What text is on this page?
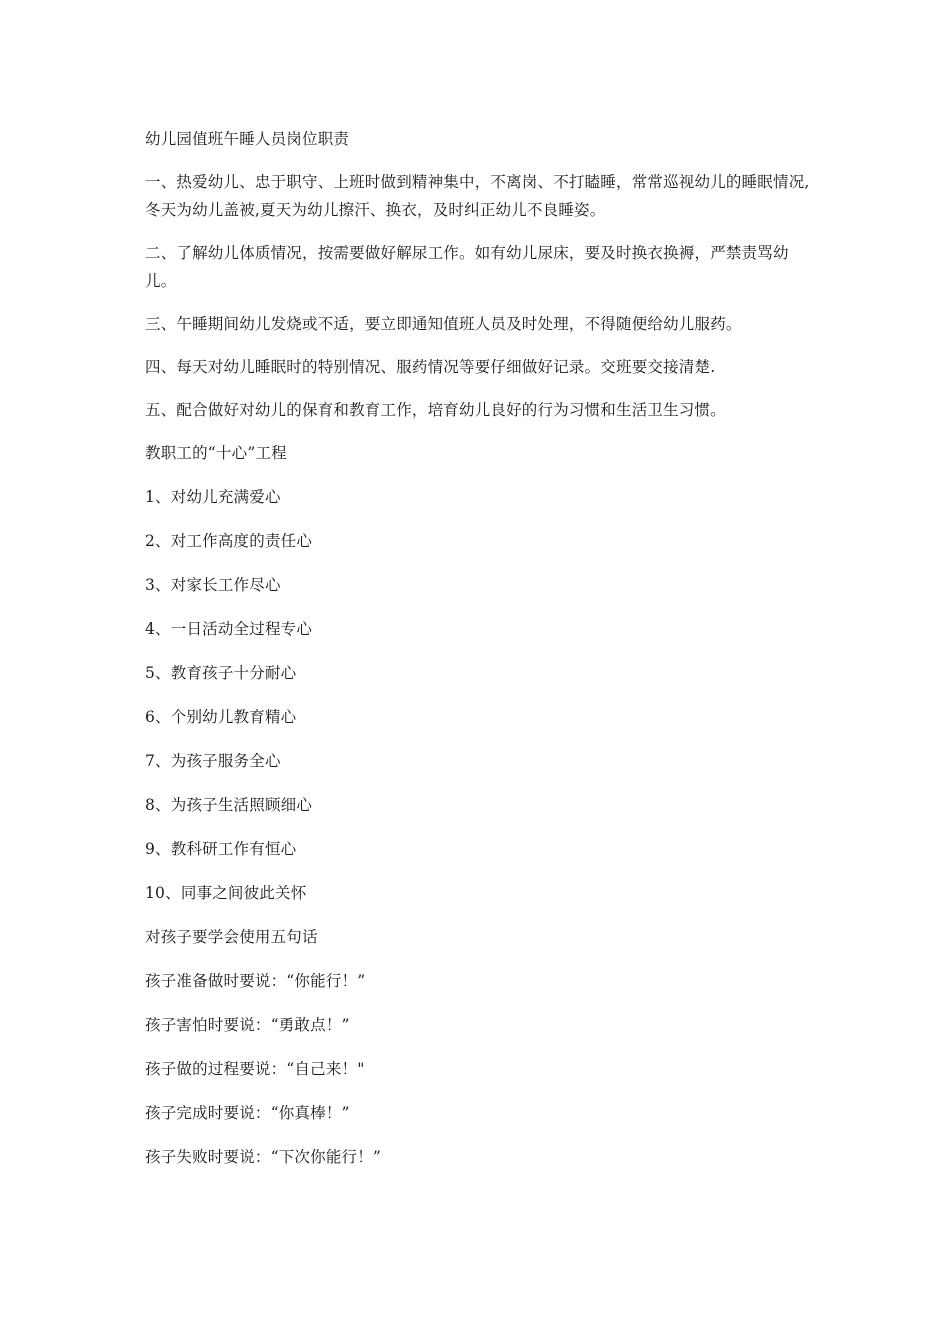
幼儿园值班午睡人员岗位职责

一、热爱幼儿、忠于职守、上班时做到精神集中，不离岗、不打瞌睡，常常巡视幼儿的睡眠情况,冬天为幼儿盖被,夏天为幼儿擦汗、换衣，及时纠正幼儿不良睡姿。

二、了解幼儿体质情况，按需要做好解尿工作。如有幼儿尿床，要及时换衣换褥，严禁责骂幼儿。

三、午睡期间幼儿发烧或不适，要立即通知值班人员及时处理，不得随便给幼儿服药。

四、每天对幼儿睡眠时的特别情况、服药情况等要仔细做好记录。交班要交接清楚.

五、配合做好对幼儿的保育和教育工作，培育幼儿良好的行为习惯和生活卫生习惯。

教职工的“十心”工程

1、对幼儿充满爱心

2、对工作高度的责任心

3、对家长工作尽心

4、一日活动全过程专心

5、教育孩子十分耐心

6、个别幼儿教育精心

7、为孩子服务全心

8、为孩子生活照顾细心

9、教科研工作有恒心

10、同事之间彼此关怀

对孩子要学会使用五句话

孩子准备做时要说：“你能行！”

孩子害怕时要说：“勇敢点！”

孩子做的过程要说：“自己来！"

孩子完成时要说：“你真棒！”

孩子失败时要说：“下次你能行！”
